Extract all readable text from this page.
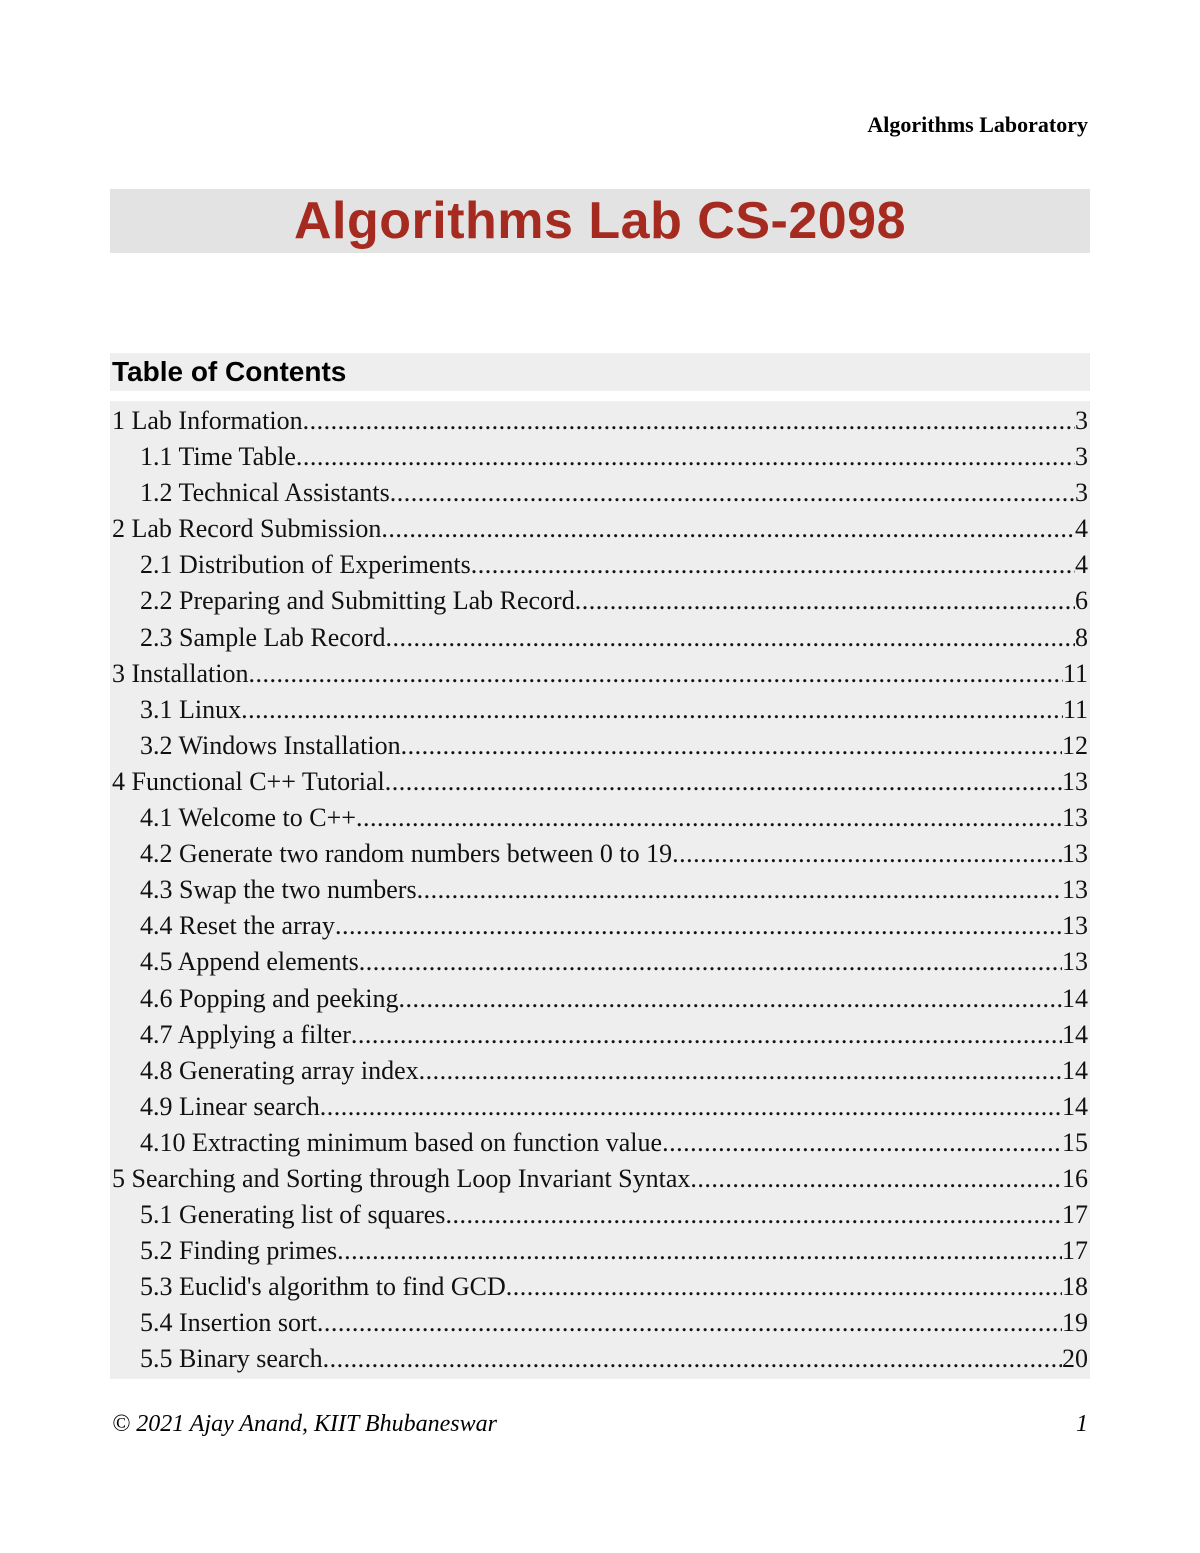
Algorithms Laboratory
Algorithms Lab CS-2098
Table of Contents
1 Lab Information .....	3
1.1 Time Table .....	3
1.2 Technical Assistants .....	3
2 Lab Record Submission .....	4
2.1 Distribution of Experiments .....	4
2.2 Preparing and Submitting Lab Record .....	6
2.3 Sample Lab Record .....	8
3 Installation .....	11
3.1 Linux .....	11
3.2 Windows Installation .....	12
4 Functional C++ Tutorial .....	13
4.1 Welcome to C++ .....	13
4.2 Generate two random numbers between 0 to 19 .....	13
4.3 Swap the two numbers .....	13
4.4 Reset the array .....	13
4.5 Append elements .....	13
4.6 Popping and peeking .....	14
4.7 Applying a filter .....	14
4.8 Generating array index .....	14
4.9 Linear search .....	14
4.10 Extracting minimum based on function value .....	15
5 Searching and Sorting through Loop Invariant Syntax .....	16
5.1 Generating list of squares .....	17
5.2 Finding primes .....	17
5.3 Euclid's algorithm to find GCD .....	18
5.4 Insertion sort .....	19
5.5 Binary search .....	20
© 2021 Ajay Anand, KIIT Bhubaneswar	1
